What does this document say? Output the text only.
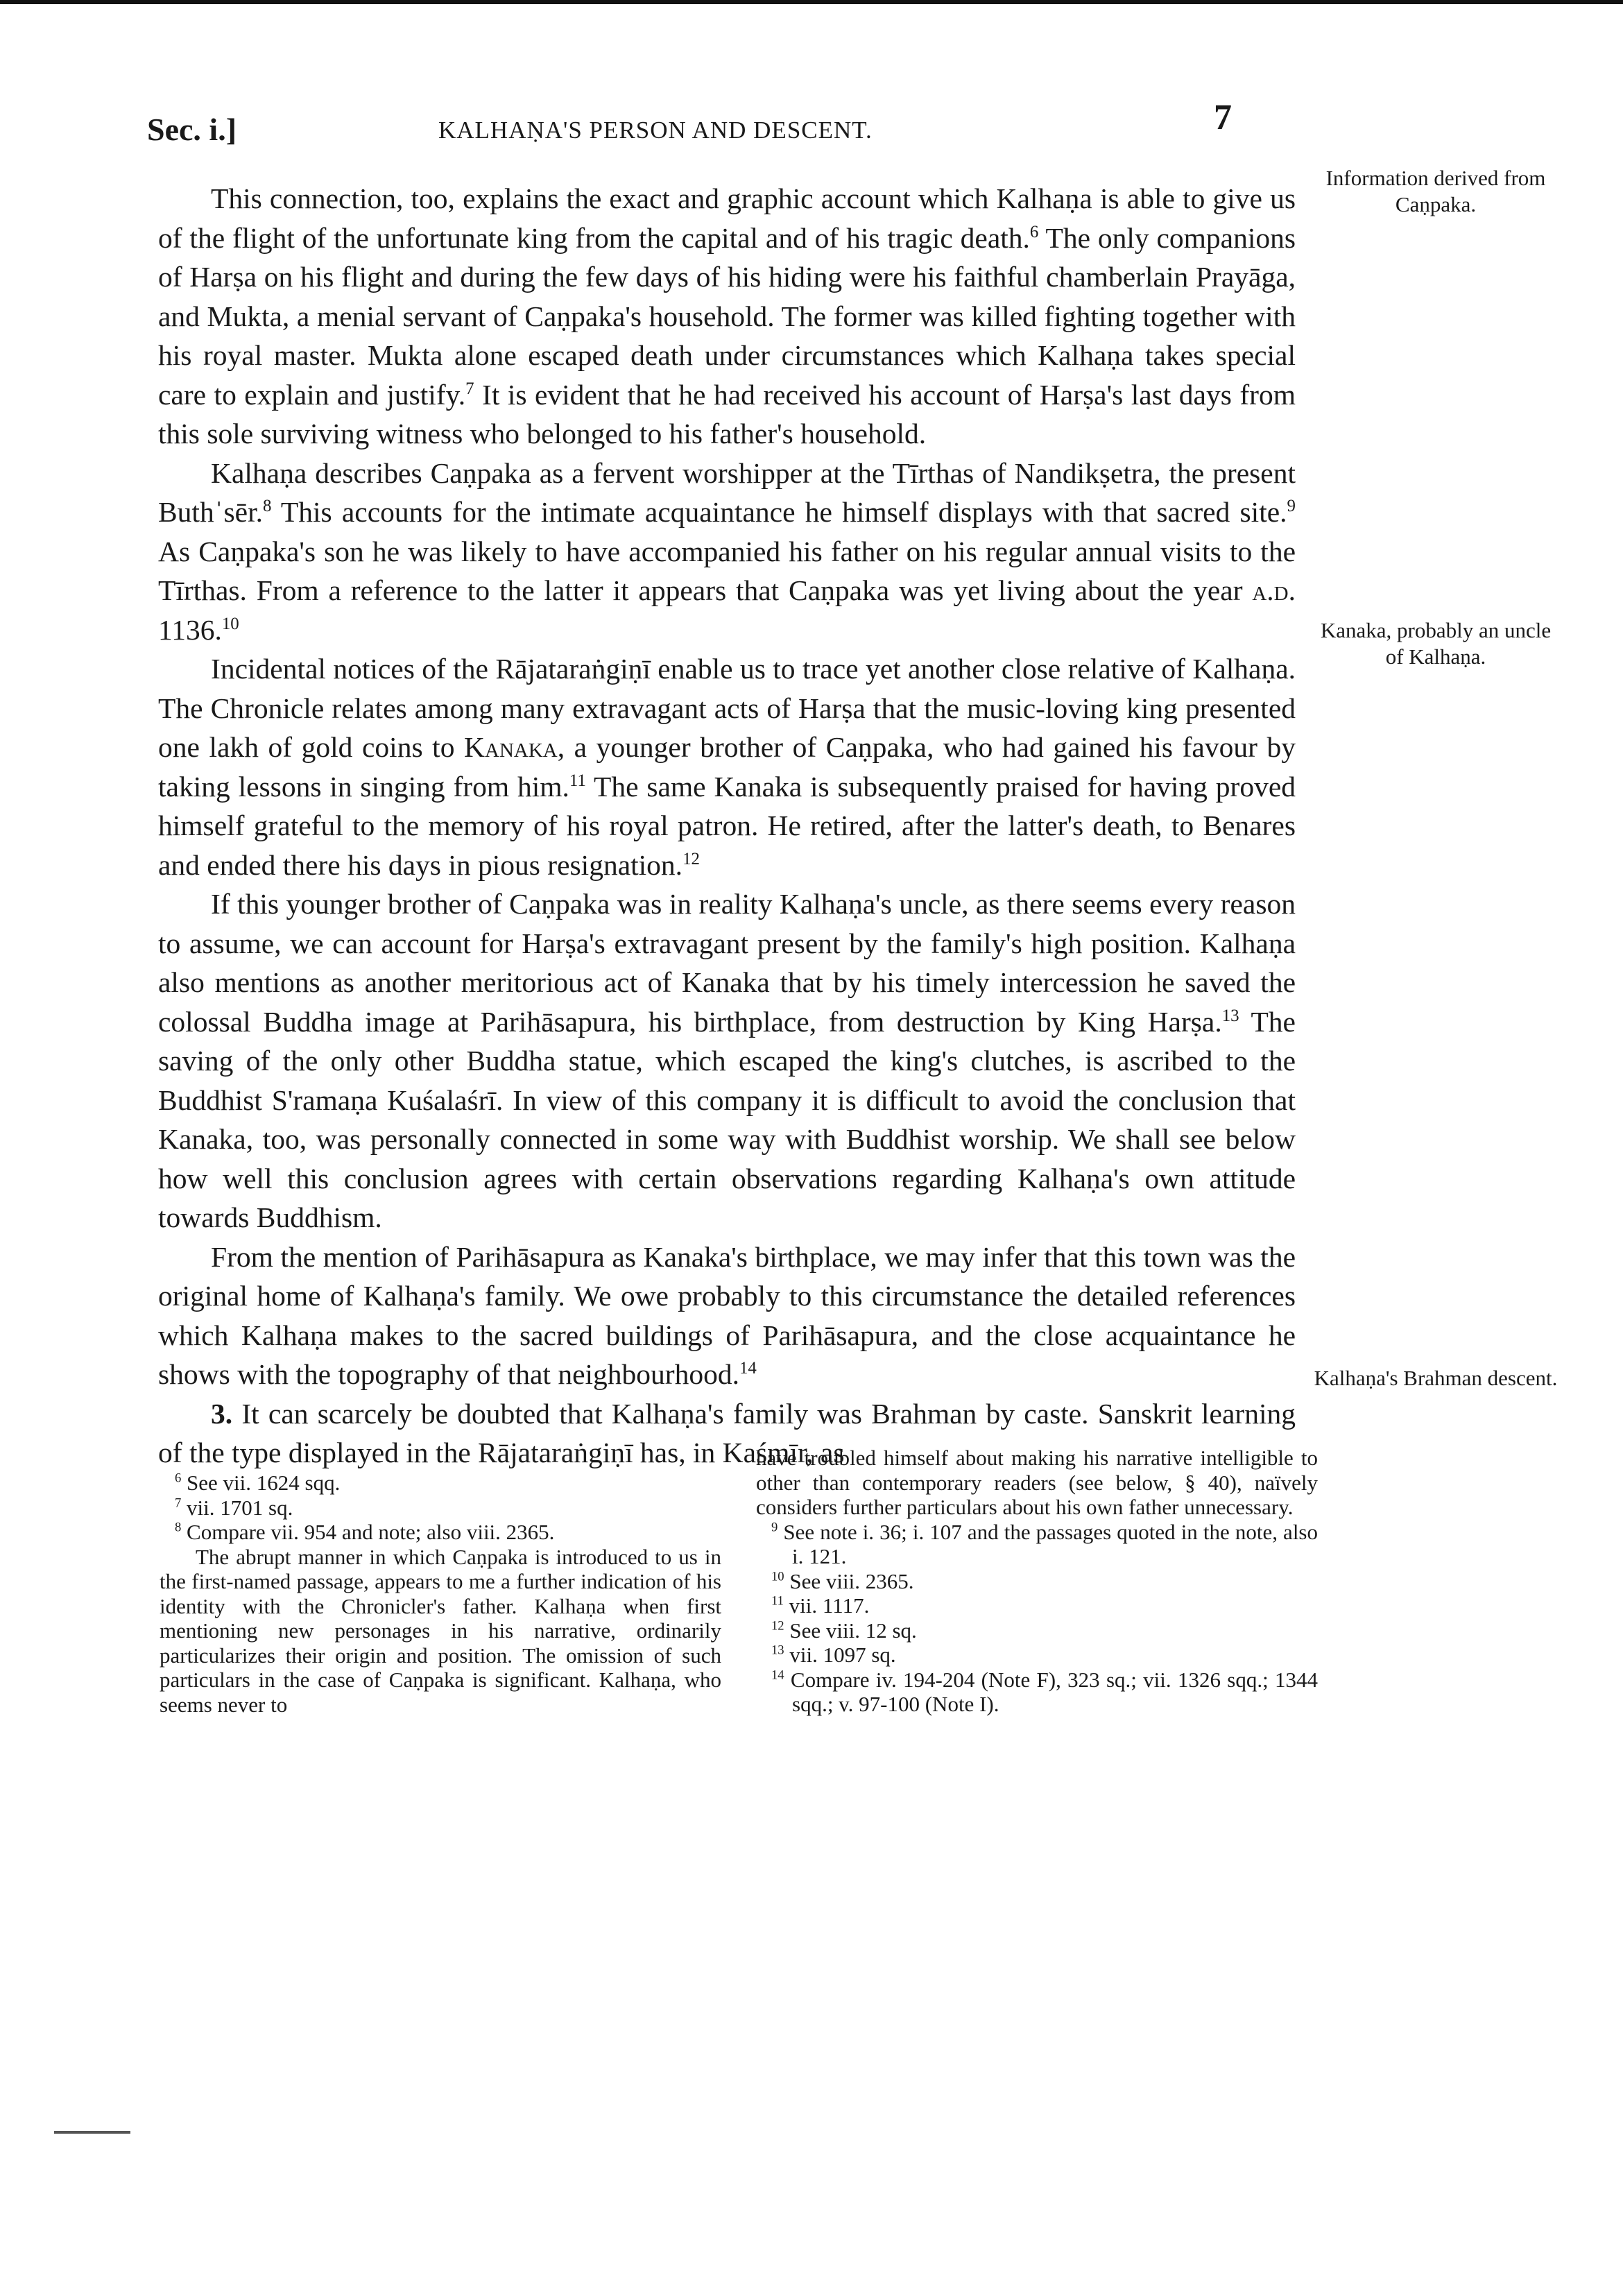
Sec. i.]	KALHAṆA'S PERSON AND DESCENT.	7
Information derived from Caṇpaka.
Kanaka, probably an uncle of Kalhaṇa.
Kalhaṇa's Brahman descent.

This connection, too, explains the exact and graphic account which Kalhaṇa is able to give us of the flight of the unfortunate king from the capital and of his tragic death.$^6$ The only companions of Harṣa on his flight and during the few days of his hiding were his faithful chamberlain Prayāga, and Mukta, a menial servant of Caṇpaka's household. The former was killed fighting together with his royal master. Mukta alone escaped death under circumstances which Kalhaṇa takes special care to explain and justify.$^7$ It is evident that he had received his account of Harṣa's last days from this sole surviving witness who belonged to his father's household.

Kalhaṇa describes Caṇpaka as a fervent worshipper at the Tīrthas of Nandikṣetra, the present Buthˈsēr.$^8$ This accounts for the intimate acquaintance he himself displays with that sacred site.$^9$ As Caṇpaka's son he was likely to have accompanied his father on his regular annual visits to the Tīrthas. From a reference to the latter it appears that Caṇpaka was yet living about the year a.d. 1136.10

Incidental notices of the Rājataraṅgiṇī enable us to trace yet another close relative of Kalhaṇa. The Chronicle relates among many extravagant acts of Harṣa that the music-loving king presented one lakh of gold coins to Kanaka, a younger brother of Caṇpaka, who had gained his favour by taking lessons in singing from him.$^{11}$ The same Kanaka is subsequently praised for having proved himself grateful to the memory of his royal patron. He retired, after the latter's death, to Benares and ended there his days in pious resignation.$^{12}$

If this younger brother of Caṇpaka was in reality Kalhaṇa's uncle, as there seems every reason to assume, we can account for Harṣa's extravagant present by the family's high position. Kalhaṇa also mentions as another meritorious act of Kanaka that by his timely intercession he saved the colossal Buddha image at Parihāsapura, his birthplace, from destruction by King Harṣa.$^{13}$ The saving of the only other Buddha statue, which escaped the king's clutches, is ascribed to the Buddhist S'ramaṇa Kuśalaśrī. In view of this company it is difficult to avoid the conclusion that Kanaka, too, was personally connected in some way with Buddhist worship. We shall see below how well this conclusion agrees with certain observations regarding Kalhaṇa's own attitude towards Buddhism.

From the mention of Parihāsapura as Kanaka's birthplace, we may infer that this town was the original home of Kalhaṇa's family. We owe probably to this circumstance the detailed references which Kalhaṇa makes to the sacred buildings of Parihāsapura, and the close acquaintance he shows with the topography of that neighbourhood.$^{14}$

3. It can scarcely be doubted that Kalhaṇa's family was Brahman by caste. Sanskrit learning of the type displayed in the Rājataraṅgiṇī has, in Kaśmīr, as

$^6$ See vii. 1624 sqq.
$^7$ vii. 1701 sq.
$^8$ Compare vii. 954 and note; also viii. 2365.
The abrupt manner in which Caṇpaka is introduced to us in the first-named passage, appears to me a further indication of his identity with the Chronicler's father. Kalhaṇa when first mentioning new personages in his narrative, ordinarily particularizes their origin and position. The omission of such particulars in the case of Caṇpaka is significant. Kalhaṇa, who seems never to
have troubled himself about making his narrative intelligible to other than contemporary readers (see below, § 40), naïvely considers further particulars about his own father unnecessary.
$^9$ See note i. 36; i. 107 and the passages quoted in the note, also i. 121.
$^{10}$ See viii. 2365.
$^{11}$ vii. 1117.
$^{12}$ See viii. 12 sq.
$^{13}$ vii. 1097 sq.
$^{14}$ Compare iv. 194-204 (Note F), 323 sq.; vii. 1326 sqq.; 1344 sqq.; v. 97-100 (Note I).
